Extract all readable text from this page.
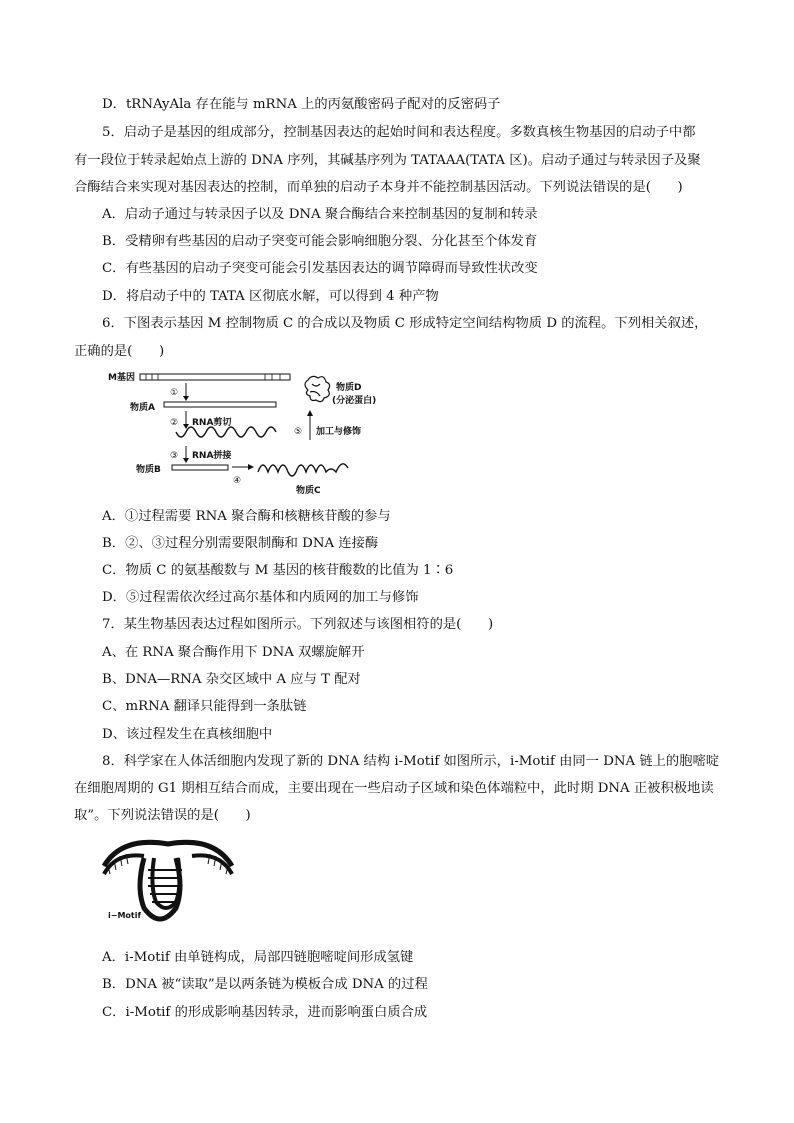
D．tRNAyAla 存在能与 mRNA 上的丙氨酸密码子配对的反密码子
5．启动子是基因的组成部分，控制基因表达的起始时间和表达程度。多数真核生物基因的启动子中都
有一段位于转录起始点上游的 DNA 序列，其碱基序列为 TATAAA(TATA 区)。启动子通过与转录因子及聚
合酶结合来实现对基因表达的控制，而单独的启动子本身并不能控制基因活动。下列说法错误的是(　　)
A．启动子通过与转录因子以及 DNA 聚合酶结合来控制基因的复制和转录
B．受精卵有些基因的启动子突变可能会影响细胞分裂、分化甚至个体发育
C．有些基因的启动子突变可能会引发基因表达的调节障碍而导致性状改变
D．将启动子中的 TATA 区彻底水解，可以得到 4 种产物
6．下图表示基因 M 控制物质 C 的合成以及物质 C 形成特定空间结构物质 D 的流程。下列相关叙述，
正确的是(　　)
M基因
①
物质A
② RNA剪切
③ RNA拼接
物质B
④
物质C
⑤ 加工与修饰
物质D
(分泌蛋白)
A．①过程需要 RNA 聚合酶和核糖核苷酸的参与
B．②、③过程分别需要限制酶和 DNA 连接酶
C．物质 C 的氨基酸数与 M 基因的核苷酸数的比值为 1∶6
D．⑤过程需依次经过高尔基体和内质网的加工与修饰
7．某生物基因表达过程如图所示。下列叙述与该图相符的是(　　)
A、在 RNA 聚合酶作用下 DNA 双螺旋解开
B、DNA—RNA 杂交区域中 A 应与 T 配对
C、mRNA 翻译只能得到一条肽链
D、该过程发生在真核细胞中
8．科学家在人体活细胞内发现了新的 DNA 结构 i-Motif 如图所示，i-Motif 由同一 DNA 链上的胞嘧啶
在细胞周期的 G1 期相互结合而成，主要出现在一些启动子区域和染色体端粒中，此时期 DNA 正被积极地读
取”。下列说法错误的是(　　)
i−Motif
A．i-Motif 由单链构成，局部四链胞嘧啶间形成氢键
B．DNA 被“读取”是以两条链为模板合成 DNA 的过程
C．i-Motif 的形成影响基因转录，进而影响蛋白质合成
